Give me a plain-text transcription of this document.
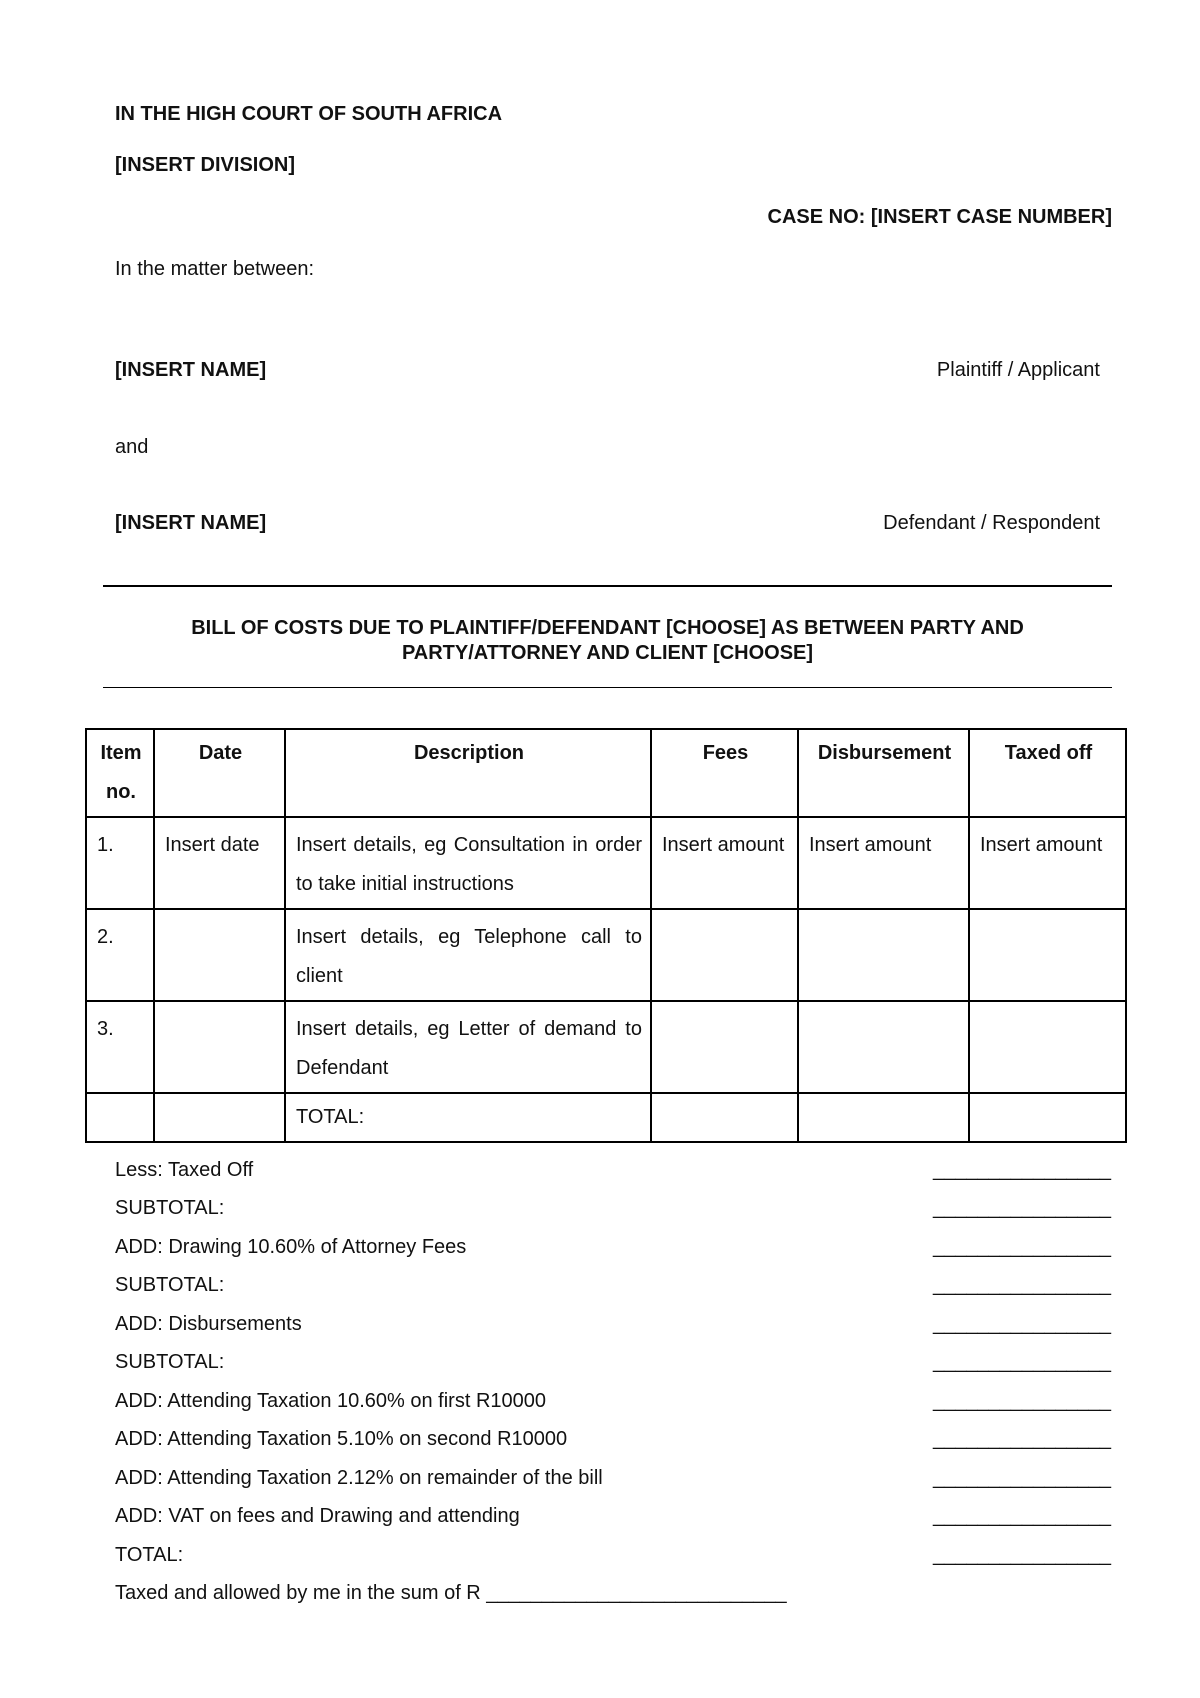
IN THE HIGH COURT OF SOUTH AFRICA
[INSERT DIVISION]
CASE NO: [INSERT CASE NUMBER]
In the matter between:
[INSERT NAME]	Plaintiff / Applicant
and
[INSERT NAME]	Defendant / Respondent
BILL OF COSTS DUE TO PLAINTIFF/DEFENDANT [CHOOSE] AS BETWEEN PARTY AND
PARTY/ATTORNEY AND CLIENT [CHOOSE]
Item
no.	Date	Description	Fees	Disbursement	Taxed off
1.	Insert date	Insert details, eg Consultation in order to take initial instructions	Insert amount	Insert amount	Insert amount
2.		Insert details, eg Telephone call to client			
3.		Insert details, eg Letter of demand to Defendant			
		TOTAL:			
Less: Taxed Off	________________
SUBTOTAL:	________________
ADD: Drawing 10.60% of Attorney Fees	________________
SUBTOTAL:	________________
ADD: Disbursements	________________
SUBTOTAL:	________________
ADD: Attending Taxation 10.60% on first R10000	________________
ADD: Attending Taxation 5.10% on second R10000	________________
ADD: Attending Taxation 2.12% on remainder of the bill	________________
ADD: VAT on fees and Drawing and attending	________________
TOTAL:	________________
Taxed and allowed by me in the sum of R ___________________________
